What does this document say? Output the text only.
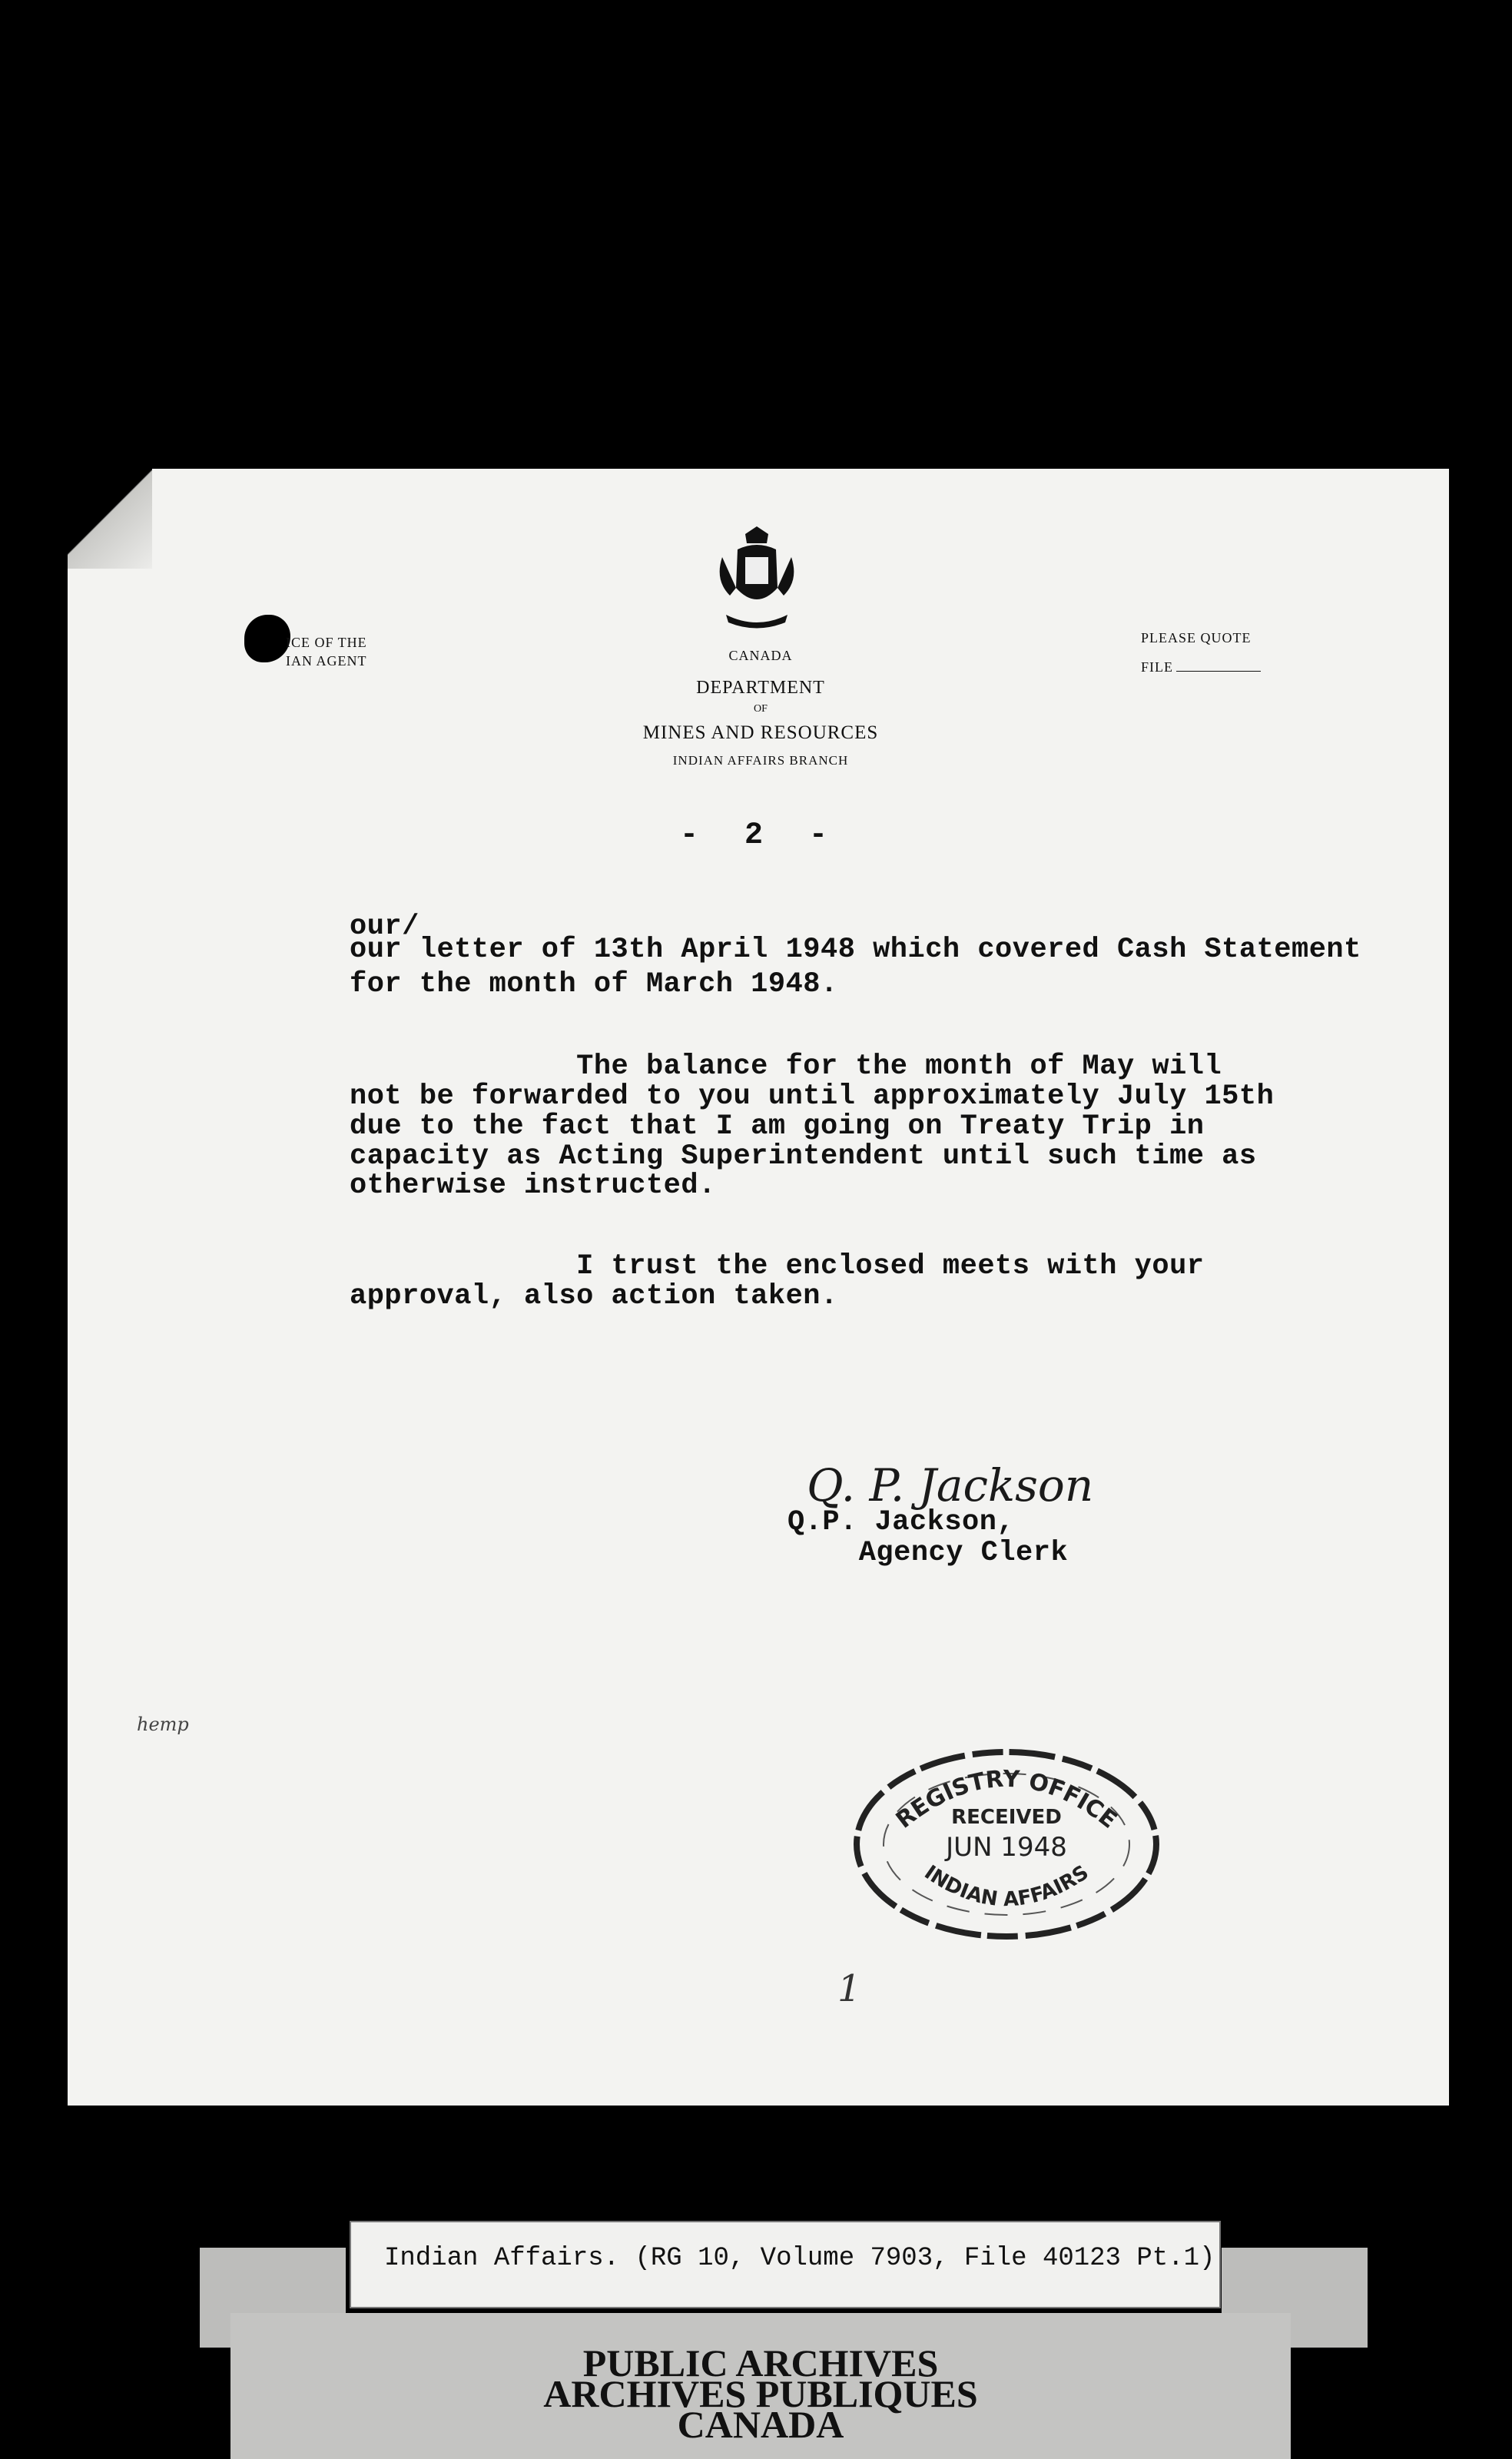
ICE OF THE
IAN AGENT	CANADA
DEPARTMENT
OF
MINES AND RESOURCES
INDIAN AFFAIRS BRANCH
PLEASE QUOTE
FILE
- 2 -
our/
our letter of 13th April 1948 which covered Cash Statement
for the month of March 1948.
The balance for the month of May will
not be forwarded to you until approximately July 15th
due to the fact that I am going on Treaty Trip in
capacity as Acting Superintendent until such time as
otherwise instructed.
I trust the enclosed meets with your
approval, also action taken.
Q. P. Jackson
Q.P. Jackson,
Agency Clerk
hemp
1
REGISTRY OFFICE
RECEIVED
JUN 1948
INDIAN AFFAIRS
Indian Affairs. (RG 10, Volume 7903, File 40123 Pt.1)
PUBLIC ARCHIVES
ARCHIVES PUBLIQUES
CANADA
